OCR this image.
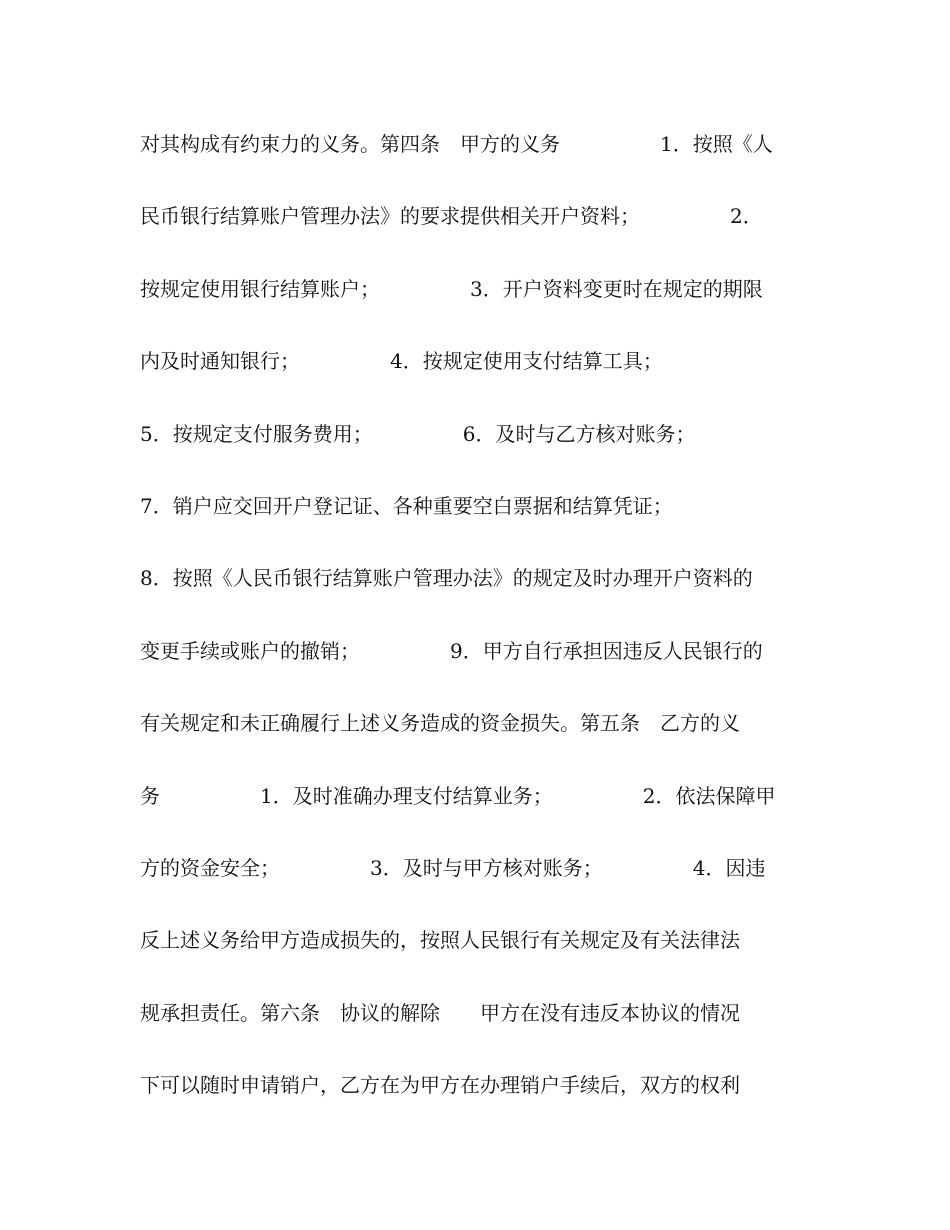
对其构成有约束力的义务。第四条　甲方的义务　　　　　1．按照《人
民币银行结算账户管理办法》的要求提供相关开户资料；　　　　　2．
按规定使用银行结算账户；　　　　　3．开户资料变更时在规定的期限
内及时通知银行；　　　　　4．按规定使用支付结算工具；
5．按规定支付服务费用；　　　　　6．及时与乙方核对账务；
7．销户应交回开户登记证、各种重要空白票据和结算凭证；
8．按照《人民币银行结算账户管理办法》的规定及时办理开户资料的
变更手续或账户的撤销；　　　　　9．甲方自行承担因违反人民银行的
有关规定和未正确履行上述义务造成的资金损失。第五条　乙方的义
务　　　　　1．及时准确办理支付结算业务；　　　　　2．依法保障甲
方的资金安全；　　　　　3．及时与甲方核对账务；　　　　　4．因违
反上述义务给甲方造成损失的，按照人民银行有关规定及有关法律法
规承担责任。第六条　协议的解除　　甲方在没有违反本协议的情况
下可以随时申请销户，乙方在为甲方在办理销户手续后，双方的权利
